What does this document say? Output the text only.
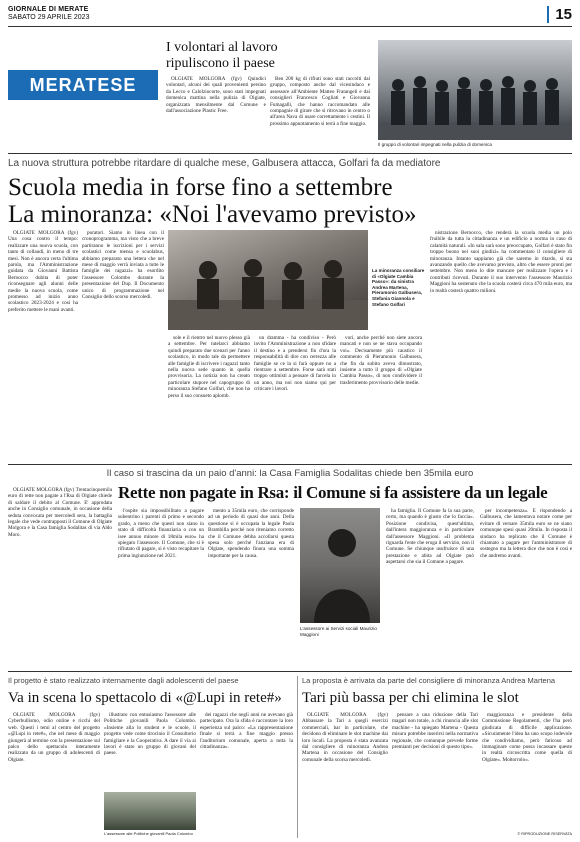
GIORNALE DI MERATE
SABATO 29 APRILE 2023	15
MERATESE
I volontari al lavoro
ripuliscono il paese

OLGIATE MOLGORA (fgv) Quindici volontari, alcuni dei quali provenienti persino da Lecco e Calolziocorte, sono stati impegnati domenica mattina nella pulizia di Olgiate, organizzata mensilmente dal Comune e dall'associazione Plastic Free.

Ben 200 kg di rifiuti sono stati raccolti dal gruppo, composto anche dal vicesindaco e assessore all'Ambiente Matteo Fratangeli e dai consiglieri Francesco Cogliati e Giovanna Fumagalli, che hanno raccomandato alle compagnie di girare che si ritrovano in centro o all'area Nava di usare correttamente i cestini. Il prossimo appuntamento si terrà a fine maggio.

Il gruppo di volontari impegnati nella pulizia di domenica
La nuova struttura potrebbe ritardare di qualche mese, Galbusera attacca, Golfari fa da mediatore
Scuola media in forse fino a settembre
La minoranza: «Noi l'avevamo previsto»

OLGIATE MOLGORA (fgv) Una cosa contro il tempo: realizzare una nuova scuola, con tanto di collaudi, in meno di tre mesi. Non è ancora certa l'ultima parola, ma l'Amministrazione guidata da Giovanni Battista Bernocco dubita di poter riconsegnare agli alunni delle medie la nuova scuola, come promesso ad inizio anno scolastico 2023-2024 e così ha preferito mettere le mani avanti.

poratori. Siamo in linea con il cronoprogramma, ma visto che a breve partiranno le iscrizioni per i servizi scolastici come mensa e scuolabus, abbiamo preparato una lettera che nel mese di maggio verrà inviata a tutte le famiglie dei ragazzi» ha esordito l'assessore Colombo durante la presentazione del Dup. Il Documento unico di programmazione nel Consiglio dello scorso mercoledì.

sole e il rientro nel nuovo plesso già a settembre. Per tutelarci abbiamo quindi preparato due scenari per l'anno scolastico, in modo tale da permettere alle famiglie di iscrivere i ragazzi tanto nella nuova sede quanto in quella provvisoria. La notizia non ha creato particolare stupore nel capogruppo di minoranza Stefano Golfari, che non ha perso il suo consueto aplomb.

un dramma - ha condiviso - Però invito l'Amministrazione a non sfidare il destino e a prendersi fin d'ora la responsabilità di dire con certezza alle famiglie se ce la si farà oppure no a rientrare a settembre. Forse sarà stati troppo ottimisti a pensare di farcela in un anno, ma noi non siamo qui per criticare i lavori.

vori, anche perché non siete ancora mancati e non se ne stava occupando voi». Decisamente più caustico il commento di Pieramonio Galbusera, che fin da subito aveva dimostrato, insieme a tutto il gruppo di «Olgiate Cambia Passo», di non condividere il trasferimento provvisorio delle medie.

nistrazione Bernocco, che renderà la scuola media un polo fruibile da tutta la cittadinanza e un edificio a norma in caso di calamità naturali. «In sala sarà sono preoccupato, Golfari è stato fin troppo buono nei suoi giudizi» ha commentato il consigliere di minoranza. Intanto sappiamo già che saremo in ritardo, si sta avanzando quello che avevamo previsto, altro che essere pronti per settembre. Non meno lo dite mancare per realizzare l'opera e i contributi ricevuti. Durante il suo intervento l'assessore Maurizio Maggioni ha sostenuto che la scuola costerà circa 470 mila euro, ma in realtà costerà quattro milioni.

La minoranza consiliare di «Olgiate Cambia Passo»: da sinistra Andrea Martena, Pieramonio Galbusera, Stefania Giannola e Stefano Golfari
Il caso si trascina da un paio d'anni: la Casa Famiglia Sodalitas chiede ben 35mila euro
Rette non pagate in Rsa: il Comune si fa assistere da un legale

OLGIATE MOLGORA (fgv) Trentacinquemila euro di rette non pagate a l'Rsa di Olgiate chiede di saldare il debito al Comune. E' approdata anche in Consiglio comunale, in occasione della seduta convocata per mercoledì sera, la battaglia legale che vede contrapposti il Comune di Olgiate Molgora e la Casa famiglia Sodalitas di via Aldo Moro.

l'ospite sia impossibilitato a pagare subentrino i parenti di primo e secondo grado, a meno che questi non siano in stato di difficoltà finanziaria o con un isee annuo minore di 18mila euro» ha spiegato l'assessore. Il Comune, che si è rifiutato di pagare, si è visto recapitare la prima ingiunzione nel 2021.

mento a 35mila euro, che corrisponde ad un periodo di quasi due anni. Della questione si è occupata la legale Paola Brambilla perché non riteniamo corretto che il Comune debba accollarsi questa spesa solo perché l'anziana era di Olgiate, spendendo finora una somma importante per la causa.

L'assessore ai Servizi sociali Maurizio Maggioni

ha famiglia. Il Comune fa la sua parte, certo, ma quando è giusto che lo faccia». Posizione condivisa, quest'ultima, dall'intera maggioranza e in particolare dall'assessore Maggioni. «Il problema riguarda l'ente che eroga il servizio, non il Comune. Se chiunque usufruisce di una prestazione e abita ad Olgiate può aspettarsi che sia il Comune a pagare.

per incompetenza». E rispondendo a Galbusera, che lamentava notare come per evitare di versare 35mila euro se ne siano comunque spesi quasi 20mila. In risposta il sindaco ha replicato che il Comune è chiamato a pagare per l'amministratore di sostegno ma la lettera dice che non è così e che andremo avanti.

Il progetto è stato realizzato internamente dagli adolescenti del paese
Va in scena lo spettacolo di «@Lupi in rete#»

OLGIATE MOLGORA (fgv) Cyberbullismo, odio online e ricchi del web. Questi i temi al centro del progetto «@Lupi in rete#», che nel mese di maggio giungerà al termine con la presentazione sul palco dello spettacolo interamente realizzato da un gruppo di adolescenti di Olgiate.

illustrato con entusiasmo l'assessore alle Politiche giovanili Paola Colombo. «Insieme alla lo student e le scuole, il progetto vede come tirocinio il Consultorio famigliare e la Cooperativa. A dare il via ai lavori è stato un gruppo di giovani del paese.

dei ragazzi che negli anni ne avevano già partecipato. Ora la sfida è raccontare la loro esperienza sul palco: «La rappresentazione finale si terrà a fine maggio presso l'auditorium comunale, aperta a tutta la cittadinanza».

L'assessore alle Politiche giovanili Paola Colombo
La proposta è arrivata da parte del consigliere di minoranza Andrea Martena
Tari più bassa per chi elimina le slot

OLGIATE MOLGORA (fgv) Abbassare la Tari a quegli esercizi commerciali, bar in particolare, che decidono di eliminare le slot machine dai loro locali. La proposta è stata avanzata dal consigliere di minoranza Andrea Martena in occasione del Consiglio comunale della scorsa mercoledì.

pensare a una riduzione della Tari magari non totale, a chi rinuncia alle slot machine - ha spiegato Martena - Questa misura potrebbe inserirsi nella normativa regionale, che comunque prevede forme premianti per decisioni di questo tipo».

maggioranza e presidente della Commissione Regolamenti, che l'ha però giudicata di difficile applicazione. «Sicuramente l'idea ha uno scopo lodevole che condividiamo, però faticoso ad immaginare come possa incassare queste in realtà circoscritta come quella di Olgiate». Moltorrolo».

© RIPRODUZIONE RISERVATA
